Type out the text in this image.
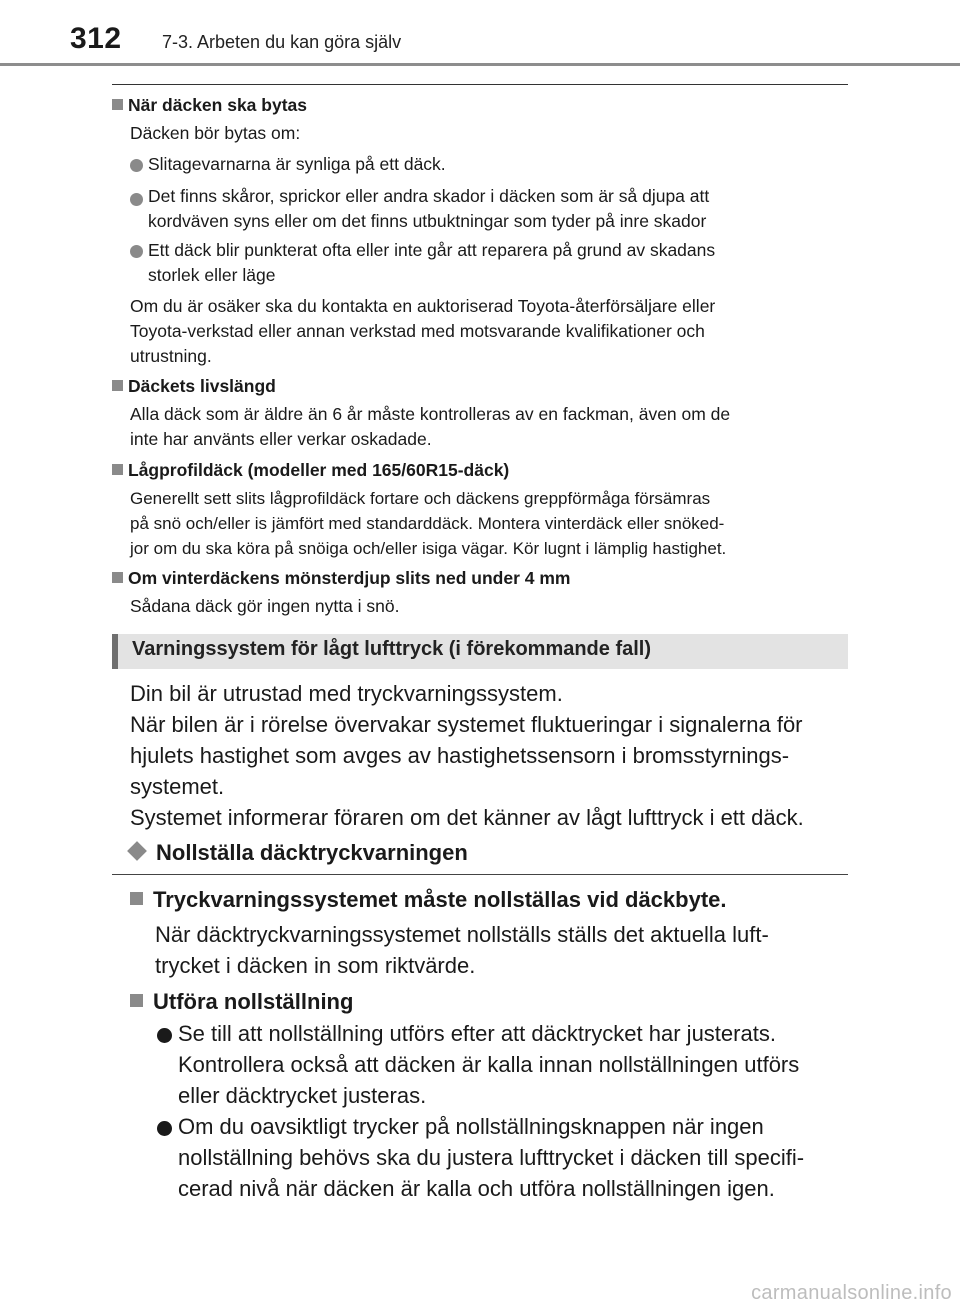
312 7-3. Arbeten du kan göra själv
När däcken ska bytas
Däcken bör bytas om:
Slitagevarnarna är synliga på ett däck.
Det finns skåror, sprickor eller andra skador i däcken som är så djupa att
kordväven syns eller om det finns utbuktningar som tyder på inre skador
Ett däck blir punkterat ofta eller inte går att reparera på grund av skadans
storlek eller läge
Om du är osäker ska du kontakta en auktoriserad Toyota-återförsäljare eller
Toyota-verkstad eller annan verkstad med motsvarande kvalifikationer och
utrustning.
Däckets livslängd
Alla däck som är äldre än 6 år måste kontrolleras av en fackman, även om de
inte har använts eller verkar oskadade.
Lågprofildäck (modeller med 165/60R15-däck)
Generellt sett slits lågprofildäck fortare och däckens greppförmåga försämras
på snö och/eller is jämfört med standarddäck. Montera vinterdäck eller snöked-
jor om du ska köra på snöiga och/eller isiga vägar. Kör lugnt i lämplig hastighet.
Om vinterdäckens mönsterdjup slits ned under 4 mm
Sådana däck gör ingen nytta i snö.
Varningssystem för lågt lufttryck (i förekommande fall)
Din bil är utrustad med tryckvarningssystem.
När bilen är i rörelse övervakar systemet fluktueringar i signalerna för
hjulets hastighet som avges av hastighetssensorn i bromsstyrnings-
systemet.
Systemet informerar föraren om det känner av lågt lufttryck i ett däck.
Nollställa däcktryckvarningen
Tryckvarningssystemet måste nollställas vid däckbyte.
När däcktryckvarningssystemet nollställs ställs det aktuella luft-
trycket i däcken in som riktvärde.
Utföra nollställning
Se till att nollställning utförs efter att däcktrycket har justerats.
Kontrollera också att däcken är kalla innan nollställningen utförs
eller däcktrycket justeras.
Om du oavsiktligt trycker på nollställningsknappen när ingen
nollställning behövs ska du justera lufttrycket i däcken till specifi-
cerad nivå när däcken är kalla och utföra nollställningen igen.
carmanualsonline.info
